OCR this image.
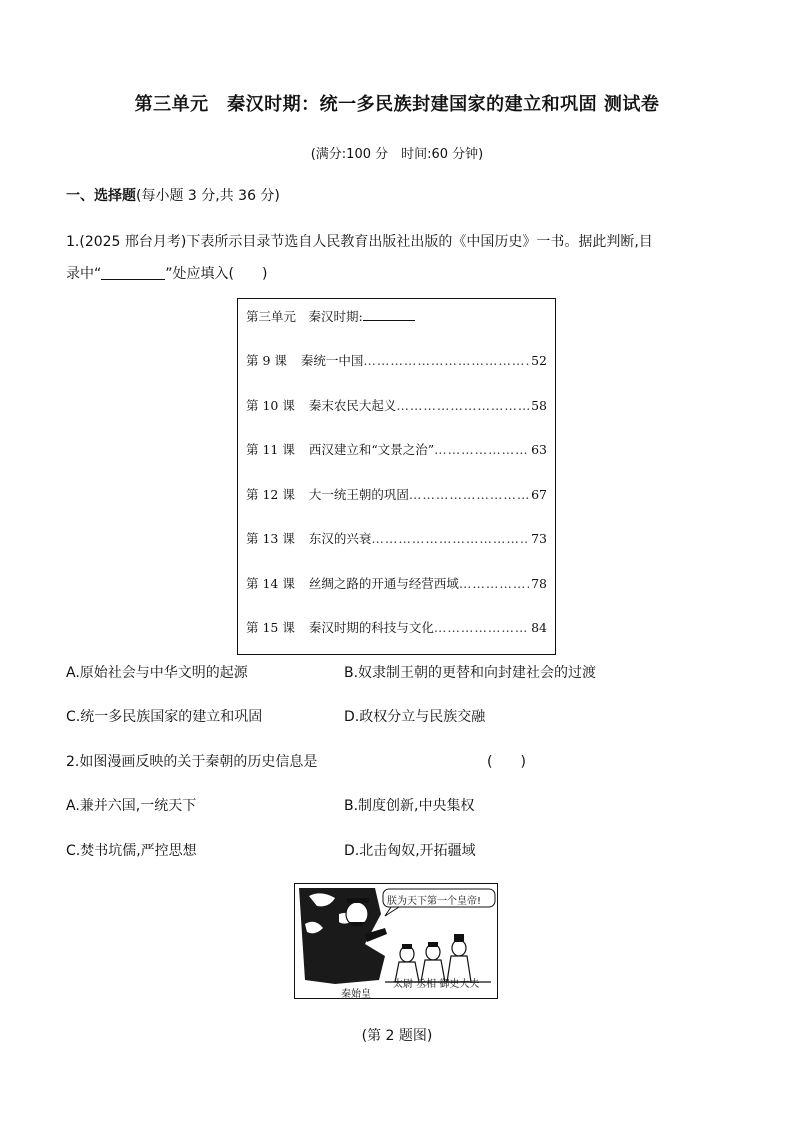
第三单元　秦汉时期：统一多民族封建国家的建立和巩固 测试卷
(满分:100 分　时间:60 分钟)
一、选择题(每小题 3 分,共 36 分)
1.(2025 邢台月考)下表所示目录节选自人民教育出版社出版的《中国历史》一书。据此判断,目
录中“	”处应填入(　　)
第三单元　秦汉时期:
第 9 课 秦统一中国 ……………………………………………………………………	52
第 10 课 秦末农民大起义 ……………………………………………………………………	58
第 11 课 西汉建立和“文景之治” ……………………………………………………………………	63
第 12 课 大一统王朝的巩固 ……………………………………………………………………	67
第 13 课 东汉的兴衰 ……………………………………………………………………	73
第 14 课 丝绸之路的开通与经营西域 ……………………………………………………………………	78
第 15 课 秦汉时期的科技与文化 ……………………………………………………………………	84
A.原始社会与中华文明的起源	B.奴隶制王朝的更替和向封建社会的过渡
C.统一多民族国家的建立和巩固	D.政权分立与民族交融
2.如图漫画反映的关于秦朝的历史信息是	(　　)
A.兼并六国,一统天下	B.制度创新,中央集权
C.焚书坑儒,严控思想	D.北击匈奴,开拓疆域
朕为天下第一个皇帝!
秦始皇
太尉 丞相 御史大夫
(第 2 题图)
